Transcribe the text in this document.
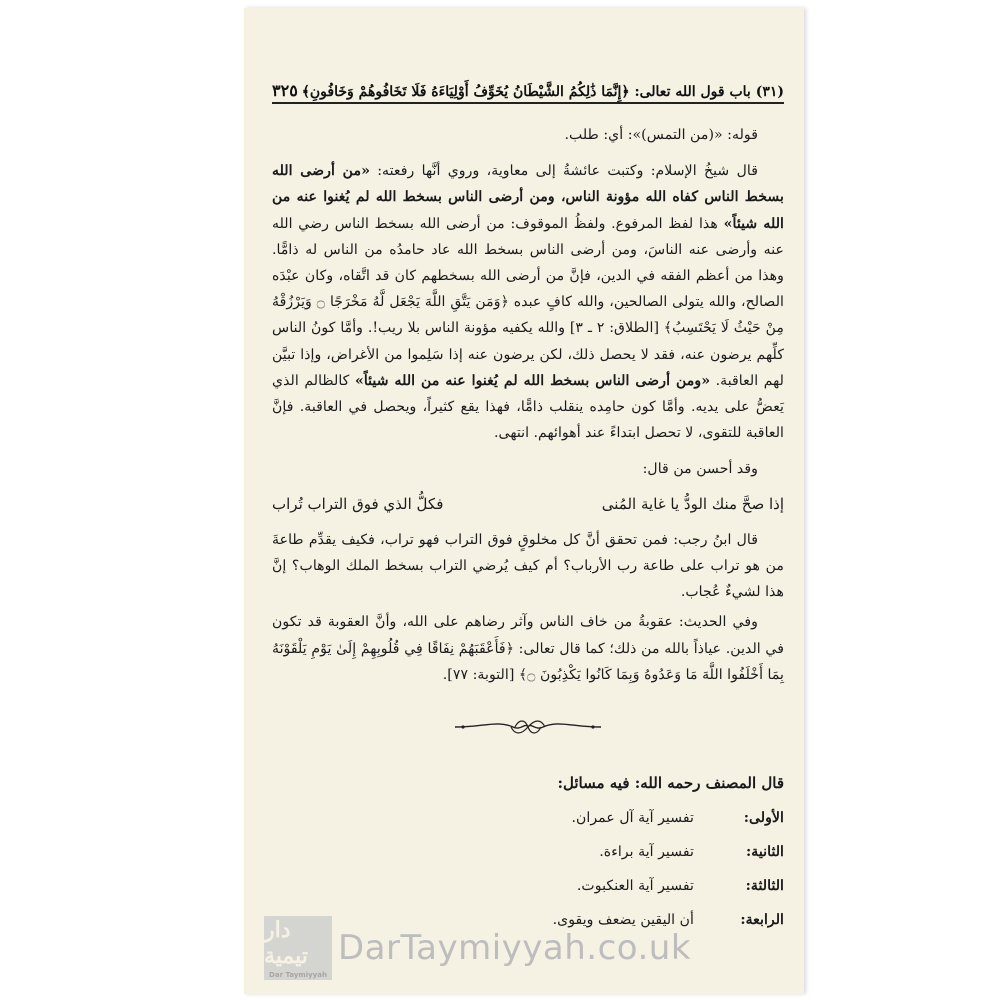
(٣١) باب قول الله تعالى: ﴿إِنَّمَا ذَٰلِكُمُ الشَّيْطَانُ يُخَوِّفُ أَوْلِيَاءَهُ فَلَا تَخَافُوهُمْ وَخَافُونِ﴾
٣٢٥

قوله: «(من التمس)»: أي: طلب.

قال شيخُ الإسلام: وكتبت عائشةُ إلى معاوية، وروي أنَّها رفعته: «من أرضى الله بسخط الناس كفاه الله مؤونة الناس، ومن أرضى الناس بسخط الله لم يُغنوا عنه من الله شيئاً» هذا لفظ المرفوع. ولفظُ الموقوف: من أرضى الله بسخط الناس رضي الله عنه وأرضى عنه الناسَ، ومن أرضى الناس بسخط الله عاد حامدُه من الناس له ذامًّا. وهذا من أعظم الفقه في الدين، فإنَّ من أرضى الله بسخطهم كان قد اتَّقاه، وكان عبْدَه الصالح، والله يتولى الصالحين، والله كافٍ عبده ﴿وَمَن يَتَّقِ اللَّهَ يَجْعَل لَّهُ مَخْرَجًا ۝ وَيَرْزُقْهُ مِنْ حَيْثُ لَا يَحْتَسِبُ﴾ [الطلاق: ٢ ـ ٣] والله يكفيه مؤونة الناس بلا ريب!. وأمَّا كونُ الناس كلِّهم يرضون عنه، فقد لا يحصل ذلك، لكن يرضون عنه إذا سَلِموا من الأغراض، وإذا تبيَّن لهم العاقبة. «ومن أرضى الناس بسخط الله لم يُغنوا عنه من الله شيئاً» كالظالم الذي يَعضُّ على يديه. وأمَّا كون حامِده ينقلب ذامًّا، فهذا يقع كثيراً، ويحصل في العاقبة. فإنَّ العاقبة للتقوى، لا تحصل ابتداءً عند أهوائهم. انتهى.

وقد أحسن من قال:

إذا صحَّ منك الودُّ يا غاية المُنى
فكلُّ الذي فوق التراب تُراب

قال ابنُ رجب: فمن تحقق أنَّ كل مخلوقٍ فوق التراب فهو تراب، فكيف يقدِّم طاعةَ من هو تراب على طاعة رب الأرباب؟ أم كيف يُرضي التراب بسخط الملك الوهاب؟ إنَّ هذا لشيءٌ عُجاب.

وفي الحديث: عقوبةُ من خاف الناس وآثر رضاهم على الله، وأنَّ العقوبة قد تكون في الدين. عياذاً بالله من ذلك؛ كما قال تعالى: ﴿فَأَعْقَبَهُمْ نِفَاقًا فِي قُلُوبِهِمْ إِلَىٰ يَوْمِ يَلْقَوْنَهُ بِمَا أَخْلَفُوا اللَّهَ مَا وَعَدُوهُ وَبِمَا كَانُوا يَكْذِبُونَ ۝﴾ [التوبة: ٧٧].

قال المصنف رحمه الله: فيه مسائل:
الأولى:
تفسير آية آل عمران.
الثانية:
تفسير آية براءة.
الثالثة:
تفسير آية العنكبوت.
الرابعة:
أن اليقين يضعف ويقوى.
دار تيمية
Dar Taymiyyah
DarTaymiyyah.co.uk
